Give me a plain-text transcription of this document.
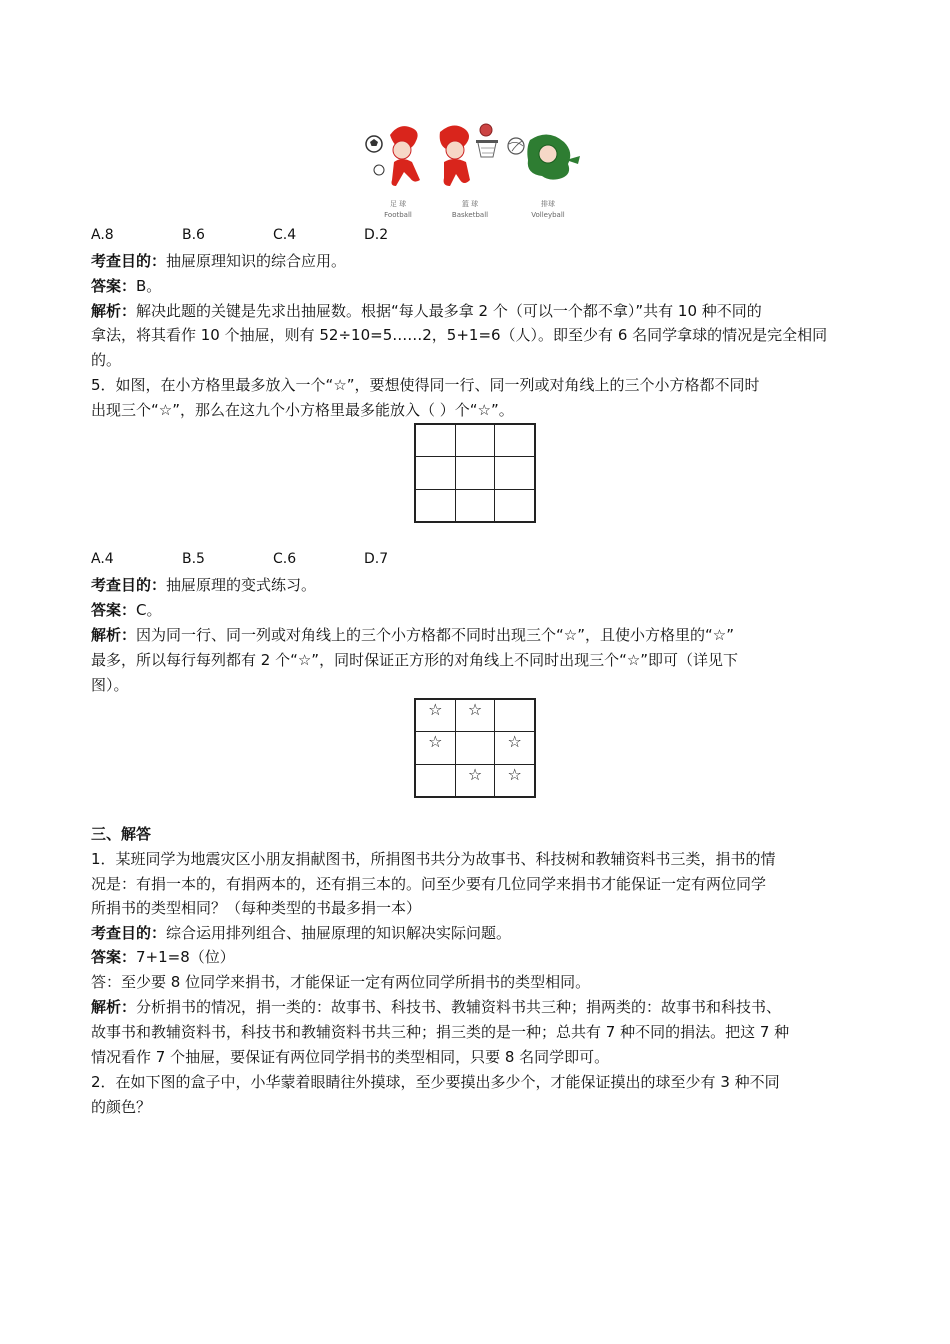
足 球
Football
篮 球
Basketball
排球
Volleyball
A.8	B.6	C.4	D.2
考查目的：抽屉原理知识的综合应用。
答案：B。
解析：解决此题的关键是先求出抽屉数。根据“每人最多拿 2 个（可以一个都不拿）”共有 10 种不同的
拿法，将其看作 10 个抽屉，则有 52÷10=5……2，5+1=6（人）。即至少有 6 名同学拿球的情况是完全相同
的。
5．如图，在小方格里最多放入一个“☆”，要想使得同一行、同一列或对角线上的三个小方格都不同时
出现三个“☆”，那么在这九个小方格里最多能放入（ ）个“☆”。

A.4	B.5	C.6	D.7
考查目的：抽屉原理的变式练习。
答案：C。
解析：因为同一行、同一列或对角线上的三个小方格都不同时出现三个“☆”，且使小方格里的“☆”
最多，所以每行每列都有 2 个“☆”，同时保证正方形的对角线上不同时出现三个“☆”即可（详见下
图）。
☆	☆	
☆		☆
	☆	☆
三、解答
1．某班同学为地震灾区小朋友捐献图书，所捐图书共分为故事书、科技树和教辅资料书三类，捐书的情
况是：有捐一本的，有捐两本的，还有捐三本的。问至少要有几位同学来捐书才能保证一定有两位同学
所捐书的类型相同？（每种类型的书最多捐一本）
考查目的：综合运用排列组合、抽屉原理的知识解决实际问题。
答案：7+1=8（位）
答：至少要 8 位同学来捐书，才能保证一定有两位同学所捐书的类型相同。
解析：分析捐书的情况，捐一类的：故事书、科技书、教辅资料书共三种；捐两类的：故事书和科技书、
故事书和教辅资料书，科技书和教辅资料书共三种；捐三类的是一种；总共有 7 种不同的捐法。把这 7 种
情况看作 7 个抽屉，要保证有两位同学捐书的类型相同，只要 8 名同学即可。
2．在如下图的盒子中，小华蒙着眼睛往外摸球，至少要摸出多少个，才能保证摸出的球至少有 3 种不同
的颜色？
